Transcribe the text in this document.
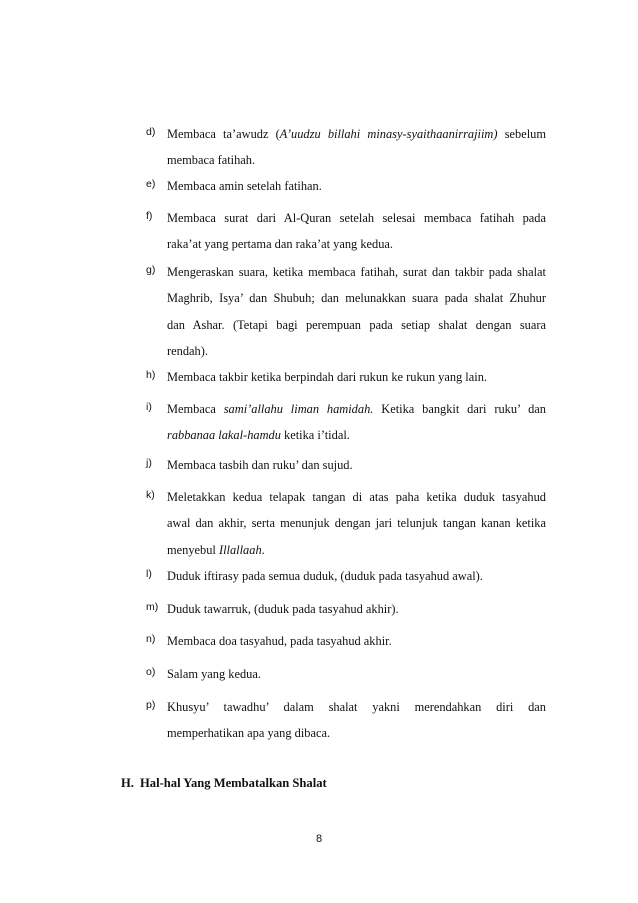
d) Membaca ta’awudz (A’uudzu billahi minasy-syaithaanirrajiim) sebelum
membaca fatihah.
e) Membaca amin setelah fatihan.
f) Membaca surat dari Al-Quran setelah selesai membaca fatihah pada
raka’at yang pertama dan raka’at yang kedua.
g) Mengeraskan suara, ketika membaca fatihah, surat dan takbir pada shalat
Maghrib, Isya’ dan Shubuh; dan melunakkan suara pada shalat Zhuhur
dan Ashar. (Tetapi bagi perempuan pada setiap shalat dengan suara
rendah).
h) Membaca takbir ketika berpindah dari rukun ke rukun yang lain.
i) Membaca sami’allahu liman hamidah. Ketika bangkit dari ruku’ dan
rabbanaa lakal-hamdu ketika i’tidal.
j) Membaca tasbih dan ruku’ dan sujud.
k) Meletakkan kedua telapak tangan di atas paha ketika duduk tasyahud
awal dan akhir, serta menunjuk dengan jari telunjuk tangan kanan ketika
menyebul Illallaah.
l) Duduk iftirasy pada semua duduk, (duduk pada tasyahud awal).
m) Duduk tawarruk, (duduk pada tasyahud akhir).
n) Membaca doa tasyahud, pada tasyahud akhir.
o) Salam yang kedua.
p) Khusyu’ tawadhu’ dalam shalat yakni merendahkan diri dan
memperhatikan apa yang dibaca.
H. Hal-hal Yang Membatalkan Shalat
8
